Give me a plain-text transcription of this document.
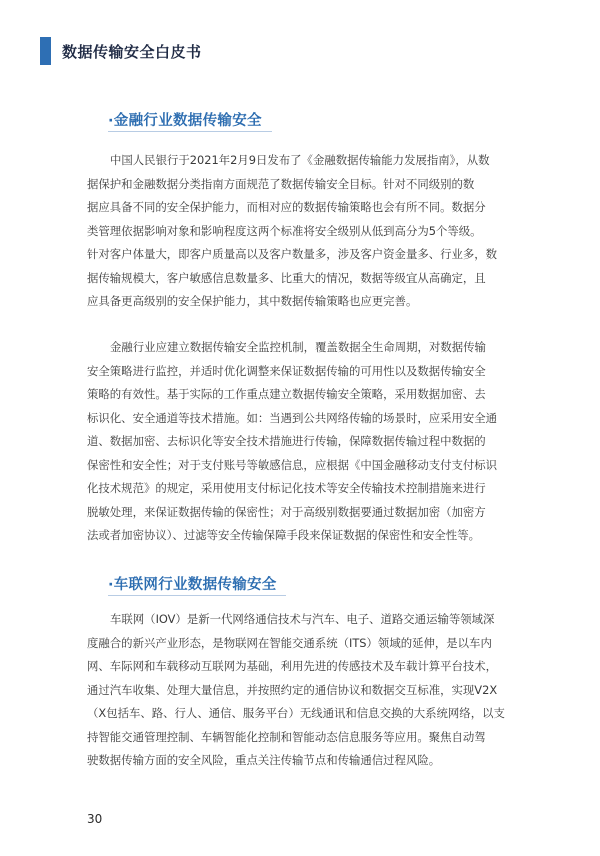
数据传输安全白皮书
·金融行业数据传输安全
中国人民银行于2021年2月9日发布了《金融数据传输能力发展指南》，从数
据保护和金融数据分类指南方面规范了数据传输安全目标。针对不同级别的数
据应具备不同的安全保护能力，而相对应的数据传输策略也会有所不同。数据分
类管理依据影响对象和影响程度这两个标准将安全级别从低到高分为5个等级。
针对客户体量大，即客户质量高以及客户数量多，涉及客户资金量多、行业多，数
据传输规模大，客户敏感信息数量多、比重大的情况，数据等级宜从高确定，且
应具备更高级别的安全保护能力，其中数据传输策略也应更完善。
金融行业应建立数据传输安全监控机制，覆盖数据全生命周期，对数据传输
安全策略进行监控，并适时优化调整来保证数据传输的可用性以及数据传输安全
策略的有效性。基于实际的工作重点建立数据传输安全策略，采用数据加密、去
标识化、安全通道等技术措施。如：当遇到公共网络传输的场景时，应采用安全通
道、数据加密、去标识化等安全技术措施进行传输，保障数据传输过程中数据的
保密性和安全性；对于支付账号等敏感信息，应根据《中国金融移动支付支付标识
化技术规范》的规定，采用使用支付标记化技术等安全传输技术控制措施来进行
脱敏处理，来保证数据传输的保密性；对于高级别数据要通过数据加密（加密方
法或者加密协议）、过滤等安全传输保障手段来保证数据的保密性和安全性等。
·车联网行业数据传输安全
车联网（IOV）是新一代网络通信技术与汽车、电子、道路交通运输等领域深
度融合的新兴产业形态，是物联网在智能交通系统（ITS）领域的延伸，是以车内
网、车际网和车载移动互联网为基础，利用先进的传感技术及车载计算平台技术，
通过汽车收集、处理大量信息，并按照约定的通信协议和数据交互标准，实现V2X
（X包括车、路、行人、通信、服务平台）无线通讯和信息交换的大系统网络，以支
持智能交通管理控制、车辆智能化控制和智能动态信息服务等应用。聚焦自动驾
驶数据传输方面的安全风险，重点关注传输节点和传输通信过程风险。
30
